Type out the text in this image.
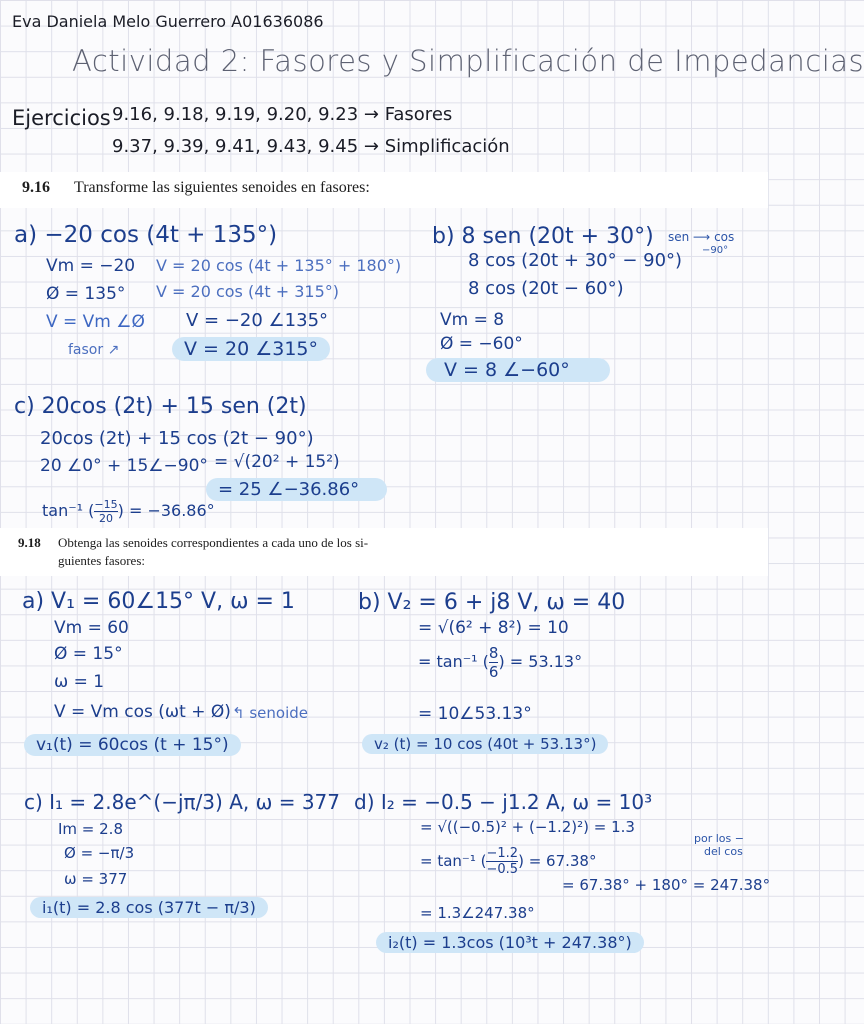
Eva Daniela Melo Guerrero A01636086
Actividad 2: Fasores y Simplificación de Impedancias
Ejercicios 9.16, 9.18, 9.19, 9.20, 9.23 → Fasores
9.37, 9.39, 9.41, 9.43, 9.45 → Simplificación
9.16 Transforme las siguientes senoides en fasores:
a) −20 cos (4t + 135°)
Vm = −20
Ø = 135°
V = Vm ∠Ø
fasor ↗
V = 20 cos (4t + 135° + 180°)
V = 20 cos (4t + 315°)
V = −20 ∠135°
V = 20 ∠315°
b) 8 sen (20t + 30°)
8 cos (20t + 30° − 90°)
8 cos (20t − 60°)
Vm = 8
Ø = −60°
V = 8 ∠−60°
sen ⟶ cos
−90°
c) 20cos (2t) + 15 sen (2t)
20cos (2t) + 15 cos (2t − 90°)
20 ∠0° + 15∠−90° = √(20² + 15²)
= 25 ∠−36.86°
tan⁻¹ ( $\frac{-15}{20}$ ) = −36.86°
9.18 Obtenga las senoides correspondientes a cada uno de los si-
guientes fasores:
a) V₁ = 60∠15° V, ω = 1
Vm = 60
Ø = 15°
ω = 1
V = Vm cos (ωt + Ø) ↰ senoide
v₁(t) = 60cos (t + 15°)
b) V₂ = 6 + j8 V, ω = 40
= √(6² + 8²) = 10
= tan⁻¹ ( $\frac{8}{6}$ ) = 53.13°
= 10∠53.13°
v₂ (t) = 10 cos (40t + 53.13°)
c) I₁ = 2.8e^(−jπ/3) A, ω = 377
Im = 2.8
Ø = −π/3
ω = 377
i₁(t) = 2.8 cos (377t − π/3)
d) I₂ = −0.5 − j1.2 A, ω = 10³
= √((−0.5)² + (−1.2)²) = 1.3
= tan⁻¹ ( $\frac{-1.2}{-0.5}$ ) = 67.38°
= 67.38° + 180° = 247.38°
= 1.3∠247.38°
por los −
del cos
i₂(t) = 1.3cos (10³t + 247.38°)
